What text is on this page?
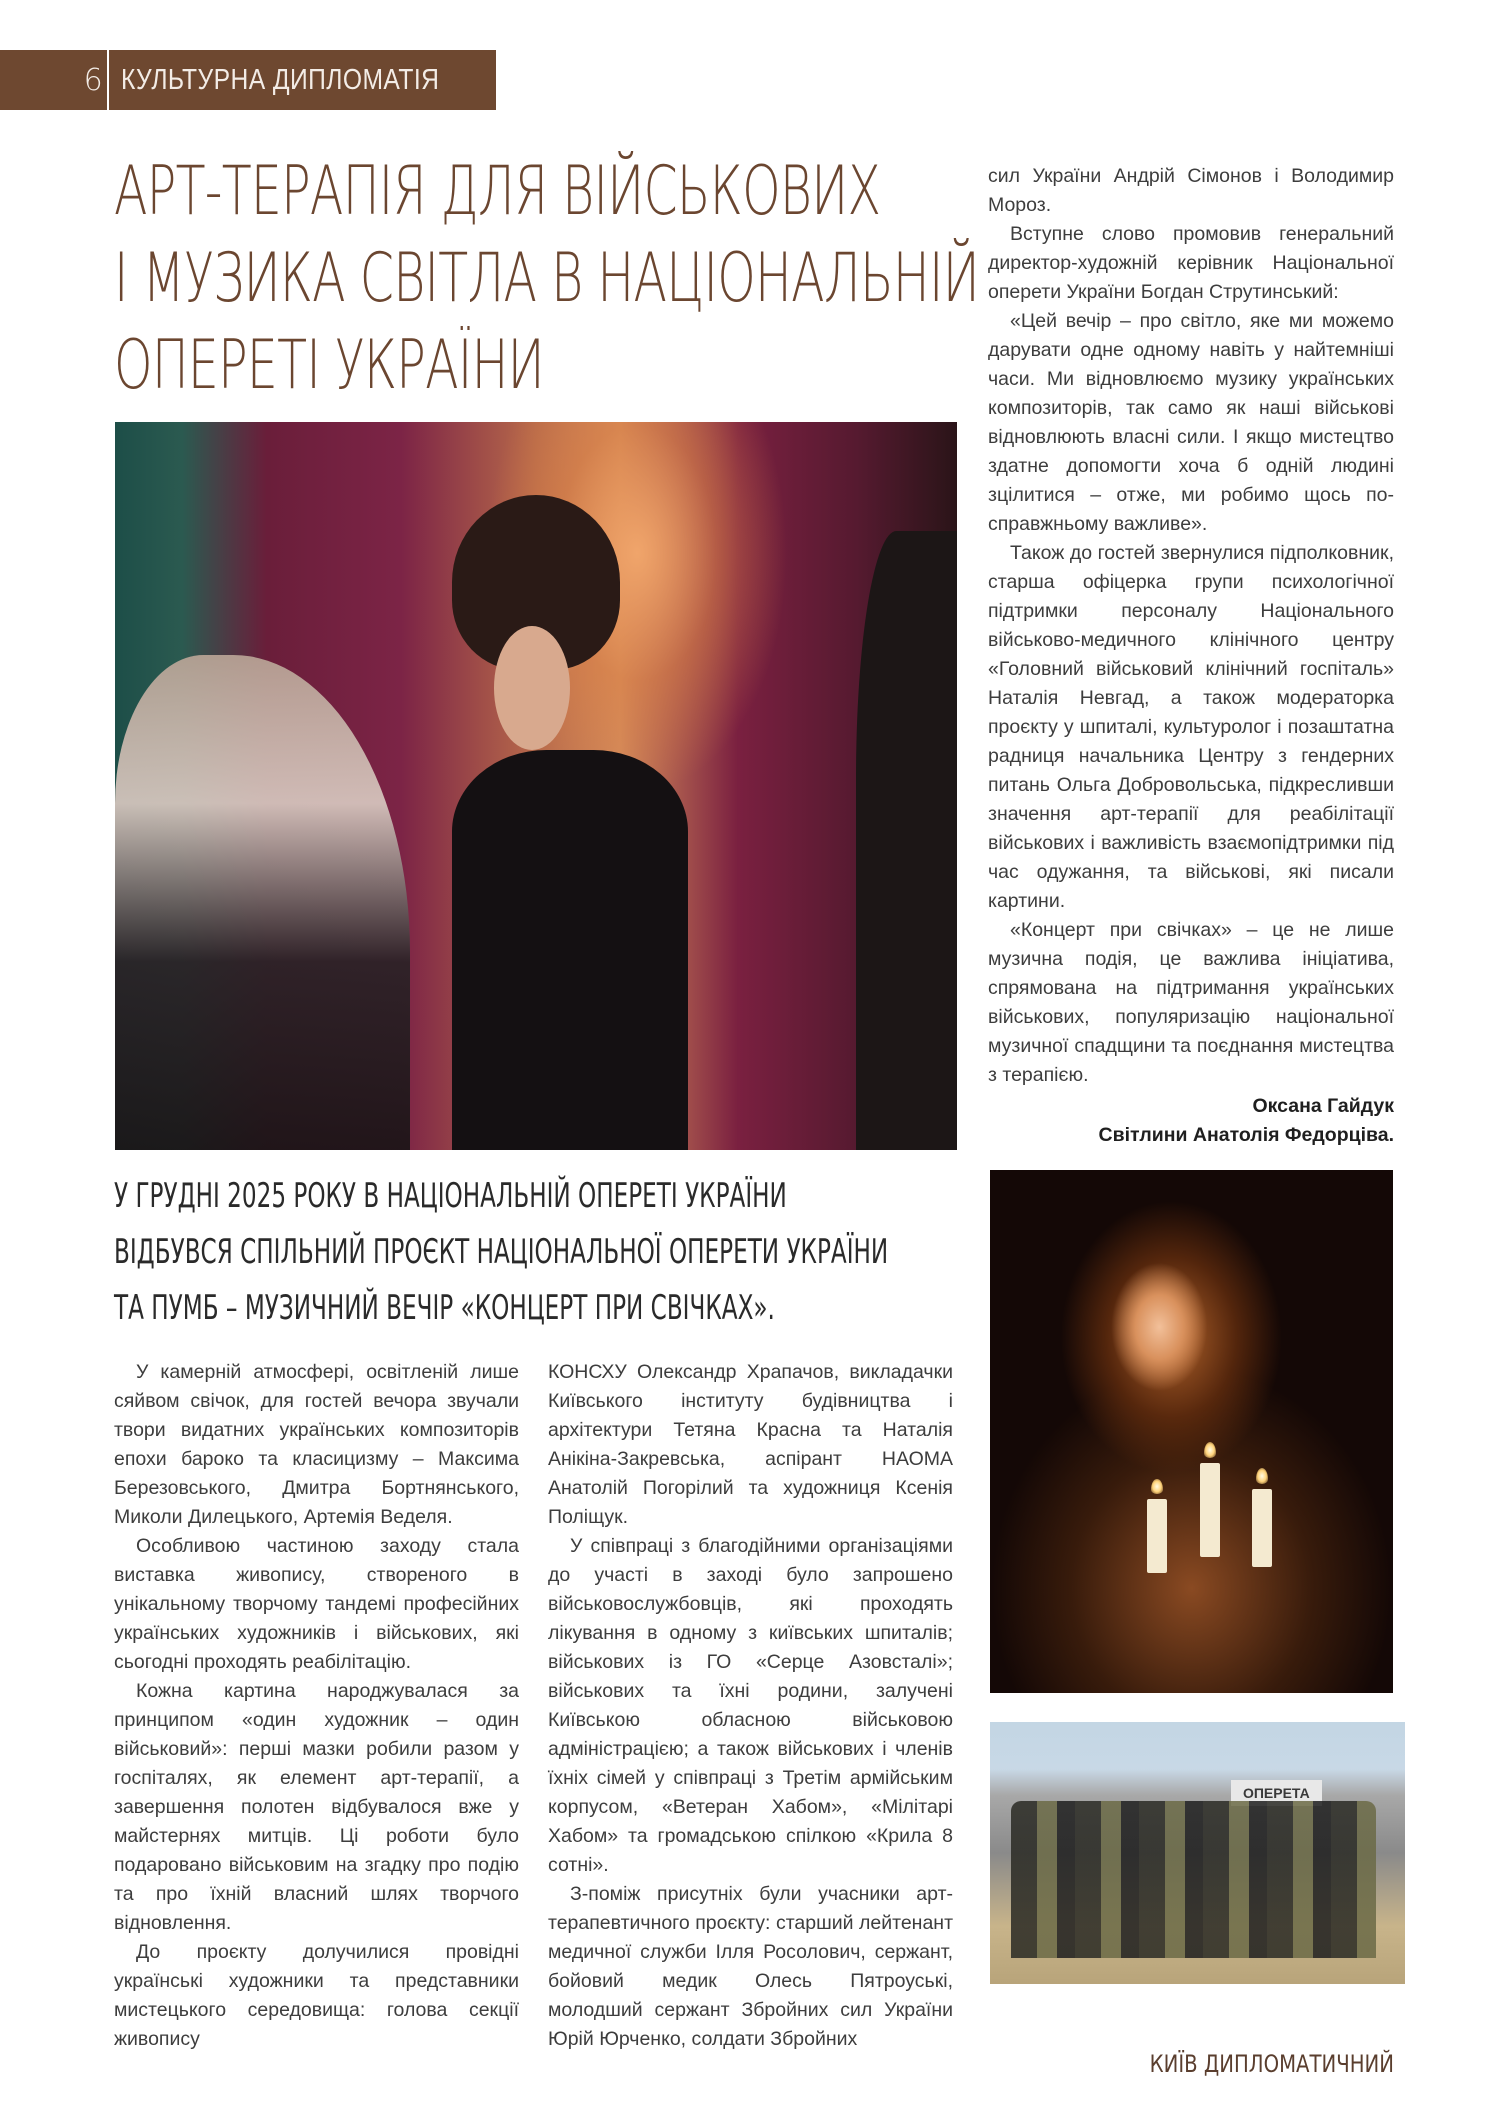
6 КУЛЬТУРНА ДИПЛОМАТІЯ
АРТ-ТЕРАПІЯ ДЛЯ ВІЙСЬКОВИХ
І МУЗИКА СВІТЛА В НАЦІОНАЛЬНІЙ
ОПЕРЕТІ УКРАЇНИ

сил України Андрій Сімонов і Володимир Мороз.

Вступне слово промовив генеральний директор-художній керівник Національної оперети України Богдан Струтинський:

«Цей вечір – про світло, яке ми можемо дарувати одне одному навіть у найтемніші часи. Ми відновлюємо музику українських композиторів, так само як наші військові відновлюють власні сили. І якщо мистецтво здатне допомогти хоча б одній людині зцілитися – отже, ми робимо щось по-справжньому важливе».

Також до гостей звернулися підполковник, старша офіцерка групи психологічної підтримки персоналу Національного військово-медичного клінічного центру «Головний військовий клінічний госпіталь» Наталія Невгад, а також модераторка проєкту у шпиталі, культуролог і позаштатна радниця начальника Центру з гендерних питань Ольга Добровольська, підкресливши значення арт-терапії для реабілітації військових і важливість взаємопідтримки під час одужання, та військові, які писали картини.

«Концерт при свічках» – це не лише музична подія, це важлива ініціатива, спрямована на підтримання українських військових, популяризацію національної музичної спадщини та поєднання мистецтва з терапією.

Оксана Гайдук
Світлини Анатолія Федорціва.
У ГРУДНІ 2025 РОКУ В НАЦІОНАЛЬНІЙ ОПЕРЕТІ УКРАЇНИ
ВІДБУВСЯ СПІЛЬНИЙ ПРОЄКТ НАЦІОНАЛЬНОЇ ОПЕРЕТИ УКРАЇНИ
ТА ПУМБ – МУЗИЧНИЙ ВЕЧІР «КОНЦЕРТ ПРИ СВІЧКАХ».

У камерній атмосфері, освітленій лише сяйвом свічок, для гостей вечора звучали твори видатних українських композиторів епохи бароко та класицизму – Максима Березовського, Дмитра Бортнянського, Миколи Дилецького, Артемія Веделя.

Особливою частиною заходу стала виставка живопису, створеного в унікальному творчому тандемі професійних українських художників і військових, які сьогодні проходять реабілітацію.

Кожна картина народжувалася за принципом «один художник – один військовий»: перші мазки робили разом у госпіталях, як елемент арт-терапії, а завершення полотен відбувалося вже у майстернях митців. Ці роботи було подаровано військовим на згадку про подію та про їхній власний шлях творчого відновлення.

До проєкту долучилися провідні українські художники та представники мистецького середовища: голова секції живопису

КОНСХУ Олександр Храпачов, викладачки Київського інституту будівництва і архітектури Тетяна Красна та Наталія Анікіна-Закревська, аспірант НАОМА Анатолій Погорілий та художниця Ксенія Поліщук.

У співпраці з благодійними організаціями до участі в заході було запрошено військовослужбовців, які проходять лікування в одному з київських шпиталів; військових із ГО «Серце Азовсталі»; військових та їхні родини, залучені Київською обласною військовою адміністрацією; а також військових і членів їхніх сімей у співпраці з Третім армійським корпусом, «Ветеран Хабом», «Мілітарі Хабом» та громадською спілкою «Крила 8 сотні».

З-поміж присутніх були учасники арт-терапевтичного проєкту: старший лейтенант медичної служби Ілля Росолович, сержант, бойовий медик Олесь Пятроуські, молодший сержант Збройних сил України Юрій Юрченко, солдати Збройних

ОПЕРЕТА
КИЇВ ДИПЛОМАТИЧНИЙ
